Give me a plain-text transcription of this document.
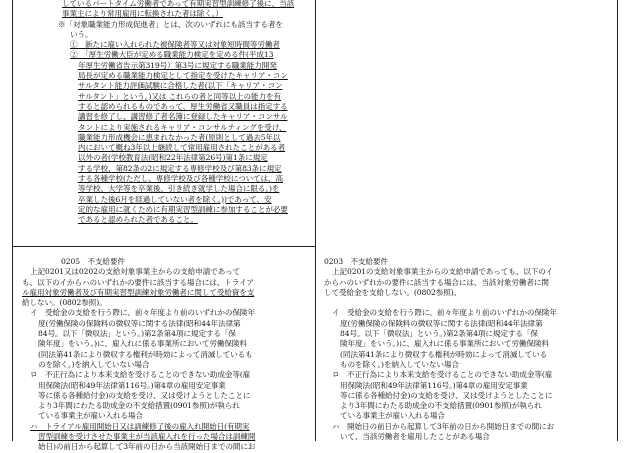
しているパートタイム労働者であって有期実習型訓練修了後に、当該
事業主により常用雇用に転換された者は除く。）
※「対象職業能力形成促進者」とは、次のいずれにも該当する者を
いう。
①　新たに雇い入れられた被保険者等又は対象短時間等労働者
②　「厚生労働大臣が定める職業能力検定を定める件(平成13
年厚生労働省告示第319号）第3号に規定する職業能力開発
局長が定める職業能力検定として指定を受けたキャリア・コン
サルタント能力評価試験に合格した者(以下「キャリア・コン
サルタント」という。)又は これらの者と同等以上の能力を有
すると認められるものであって、厚生労働省又職員は指定する
講習を修了し、講習修了者名簿に登録したキャリア・コンサル
タントにより実施されるキャリア・コンサルティングを受け、
職業能力形成機会に恵まれなかった者(原則として過去5年以
内において概ね3年以上継続して常用雇用されたことがある者
以外の者(学校教育法(昭和22年法律第26号)第1条に規定
する学校、第82条の2に規定する専修学校及び第83条に規定
する各種学校(ただし、専修学校及び各種学校については、高
等学校、大学等を卒業後、引き続き就学した場合に限る。)を
卒業した後6月を経過していない者を除く。))であって、安
定的な雇用に就くために有期実習型訓練に参加することが必要
であると認められた者であること。
0205　不支給要件
上記0201又は0202の支給対象事業主からの支給申請であって
も、以下のイからハのいずれかの要件に該当する場合には、トライア
ル雇用対象労働者及び有期実習型訓練対象労働者に関して受給資を支
給しない。(0802参照)。
イ　受給金の支給を行う際に、前々年度より前のいずれかの保険年
度(労働保険の保険料の徴収等に関する法律(昭和44年法律第
84号。以下「徴収法」という。)第2条第4項に規定する「保
険年度」をいう。)に、雇入れに係る事業所において労働保険料
(同法第41条により徴収する権利が時効によって消滅しているも
のを除く。)を納入していない場合
ロ　不正行為により本来支給を受けることのできない助成金等(雇
用保険法(昭和49年法律第116号。)第4章の雇用安定事業
等に係る各種給付金)の支給を受け、又は受けようとしたことに
より3年間にわたる助成金の不支給措置(0901参照)が執られ
ている事業主が雇い入れる場合
ハ　トライアル雇用開始日又は訓練修了後の雇入れ開始日(有期実
習型訓練を受けさせた事業主が当該雇入れを行った場合は訓練開
始日)の前日から起算して3年前の日から当該開始日までの間にお
0203　不支給要件
上記0201の支給対象事業主からの支給申請であっても、以下のイ
からハのいずれかの要件に該当する場合には、当該対象労働者に関
して受給金を支給しない。(0802参照)。
イ　受給金の支給を行う際に、前々年度より前のいずれかの保険年
度(労働保険の保険料の徴収等に関する法律(昭和44年法律第
84号。以下「徴収法」という。)第2条第4項に規定する「保
険年度」をいう。)に、雇入れに係る事業所において労働保険料
(同法第41条により徴収する権利が時効によって消滅している
ものを除く。)を納入していない場合
ロ　不正行為により本来支給を受けることのできない助成金等(雇
用保険法(昭和49年法律第116号。)第4章の雇用安定事業
等に係る各種給付金)の支給を受け、又は受けようとしたことに
より3年間にわたる助成金の不支給措置(0901参照)が執られ
ている事業主が雇い入れる場合
ハ　開始日の前日から起算して3年前の日から開始日までの間にお
いて、当該労働者を雇用したことがある場合
